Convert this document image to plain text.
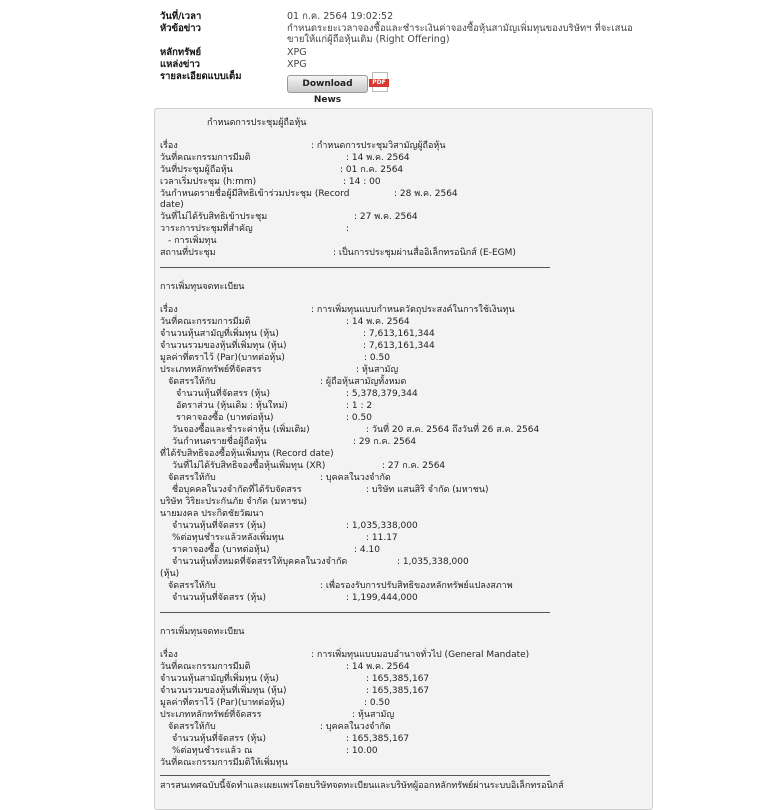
วันที่/เวลา	01 ก.ค. 2564 19:02:52
หัวข้อข่าว	กำหนดระยะเวลาจองซื้อและชำระเงินค่าจองซื้อหุ้นสามัญเพิ่มทุนของบริษัทฯ ที่จะเสนอขายให้แก่ผู้ถือหุ้นเดิม (Right Offering)
หลักทรัพย์	XPG
แหล่งข่าว	XPG
รายละเอียดแบบเต็ม
Download News
PDF
กำหนดการประชุมผู้ถือหุ้น
เรื่อง	: กำหนดการประชุมวิสามัญผู้ถือหุ้น
วันที่คณะกรรมการมีมติ	: 14 พ.ค. 2564
วันที่ประชุมผู้ถือหุ้น	: 01 ก.ค. 2564
เวลาเริ่มประชุม (h:mm)	: 14 : 00
วันกำหนดรายชื่อผู้มีสิทธิเข้าร่วมประชุม (Record	: 28 พ.ค. 2564
date)
วันที่ไม่ได้รับสิทธิเข้าประชุม	: 27 พ.ค. 2564
วาระการประชุมที่สำคัญ	:
- การเพิ่มทุน
สถานที่ประชุม	: เป็นการประชุมผ่านสื่ออิเล็กทรอนิกส์ (E-EGM)
การเพิ่มทุนจดทะเบียน
เรื่อง	: การเพิ่มทุนแบบกำหนดวัตถุประสงค์ในการใช้เงินทุน
วันที่คณะกรรมการมีมติ	: 14 พ.ค. 2564
จำนวนหุ้นสามัญที่เพิ่มทุน (หุ้น)	: 7,613,161,344
จำนวนรวมของหุ้นที่เพิ่มทุน (หุ้น)	: 7,613,161,344
มูลค่าที่ตราไว้ (Par)(บาทต่อหุ้น)	: 0.50
ประเภทหลักทรัพย์ที่จัดสรร	: หุ้นสามัญ
จัดสรรให้กับ	: ผู้ถือหุ้นสามัญทั้งหมด
จำนวนหุ้นที่จัดสรร (หุ้น)	: 5,378,379,344
อัตราส่วน (หุ้นเดิม : หุ้นใหม่)	: 1 : 2
ราคาจองซื้อ (บาทต่อหุ้น)	: 0.50
วันจองซื้อและชำระค่าหุ้น (เพิ่มเติม)	: วันที่ 20 ส.ค. 2564 ถึงวันที่ 26 ส.ค. 2564
วันกำหนดรายชื่อผู้ถือหุ้น	: 29 ก.ค. 2564
ที่ได้รับสิทธิจองซื้อหุ้นเพิ่มทุน (Record date)
วันที่ไม่ได้รับสิทธิจองซื้อหุ้นเพิ่มทุน (XR)	: 27 ก.ค. 2564
จัดสรรให้กับ	: บุคคลในวงจำกัด
ชื่อบุคคลในวงจำกัดที่ได้รับจัดสรร	: บริษัท แสนสิริ จำกัด (มหาชน)
บริษัท วิริยะประกันภัย จำกัด (มหาชน)
นายมงคล ประกิตชัยวัฒนา
จำนวนหุ้นที่จัดสรร (หุ้น)	: 1,035,338,000
%ต่อทุนชำระแล้วหลังเพิ่มทุน	: 11.17
ราคาจองซื้อ (บาทต่อหุ้น)	: 4.10
จำนวนหุ้นทั้งหมดที่จัดสรรให้บุคคลในวงจำกัด	: 1,035,338,000
(หุ้น)
จัดสรรให้กับ	: เพื่อรองรับการปรับสิทธิของหลักทรัพย์แปลงสภาพ
จำนวนหุ้นที่จัดสรร (หุ้น)	: 1,199,444,000
การเพิ่มทุนจดทะเบียน
เรื่อง	: การเพิ่มทุนแบบมอบอำนาจทั่วไป (General Mandate)
วันที่คณะกรรมการมีมติ	: 14 พ.ค. 2564
จำนวนหุ้นสามัญที่เพิ่มทุน (หุ้น)	: 165,385,167
จำนวนรวมของหุ้นที่เพิ่มทุน (หุ้น)	: 165,385,167
มูลค่าที่ตราไว้ (Par)(บาทต่อหุ้น)	: 0.50
ประเภทหลักทรัพย์ที่จัดสรร	: หุ้นสามัญ
จัดสรรให้กับ	: บุคคลในวงจำกัด
จำนวนหุ้นที่จัดสรร (หุ้น)	: 165,385,167
%ต่อทุนชำระแล้ว ณ	: 10.00
วันที่คณะกรรมการมีมติให้เพิ่มทุน
สารสนเทศฉบับนี้จัดทำและเผยแพร่โดยบริษัทจดทะเบียนและบริษัทผู้ออกหลักทรัพย์ผ่านระบบอิเล็กทรอนิกส์
